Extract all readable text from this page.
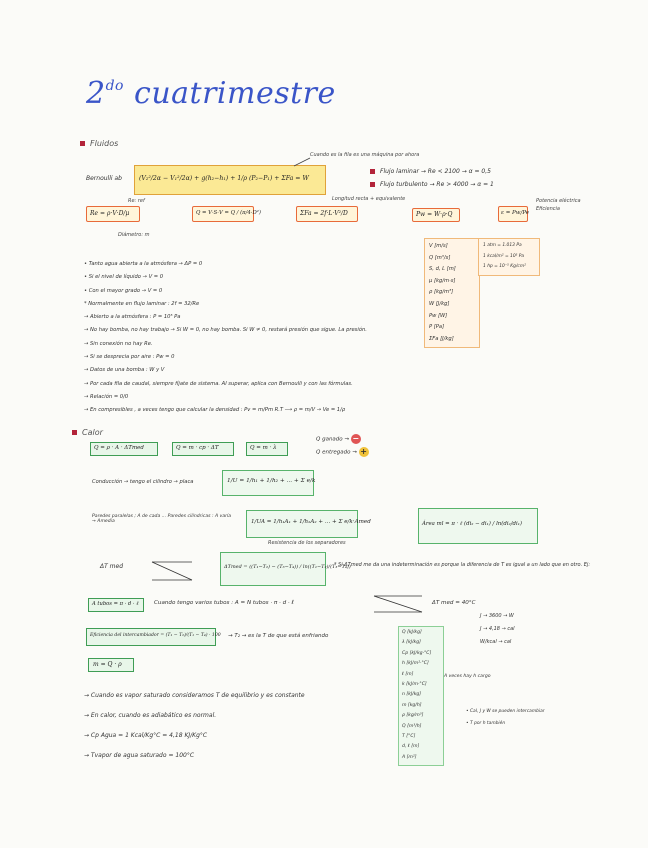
$2^{do}$ cuatrimestre
Fluidos
Bernoulli ab	(V₂²/2α − V₁²/2α) + g(h₂−h₁) + 1/ρ (P₂−P₁) + ΣFa = W
Cuando es la fila es una máquina por ahora
Flujo laminar → Re < 2100 → α = 0,5
Flujo turbulento → Re > 4000 → α = 1
Re = ρ·V·D/μ	Q = V·S·V = Q / (π/4·D²)	ΣFa = 2f·L·V²/D	Pw = W·ρ·Q	ε = Pw/Pe
Re: ref
Diámetro: m
Longitud recta + equivalente	Potencia eléctrica
Eficiencia
V [m/s]
Q [m³/s]
S, d, L [m]
μ [kg/m·s]
ρ [kg/m³]
W [J/kg]
Pw [W]
P [Pa]
ΣFa [J/kg]
1 atm = 1.013 Pa
1 kcal/m² = 10⁵ Pa
1 hp = 10⁻⁵ Kg/cm²
• Tanto agua abierta a la atmósfera → ΔP = 0
• Si el nivel de líquido → V = 0
• Con el mayor grado → V = 0
* Normalmente en flujo laminar : 2f = 32/Re
→ Abierto a la atmósfera : P = 10⁵ Pa
→ No hay bomba, no hay trabajo → Si W = 0, no hay bomba. Si W ≠ 0, restará presión que sigue. La presión.
→ Sin conexión no hay Re.
→ Si se desprecia por aire : Pw = 0
→ Datos de una bomba : W y V
→ Por cada fila de caudal, siempre fíjate de sistema. Al superar, aplica con Bernoulli y con las fórmulas.
→ Relación = 0/0
→ En compresibles , a veces tengo que calcular la densidad : Pv = m/Pm R.T ⟶ ρ = m/V → Ve = 1/ρ
Calor
Q = ρ · A · ΔTmed	Q = m · cp · ΔT	Q = m · λ
Q ganado → −
Q entregado → +
Conducción → tengo el cilindro → placa	1/U = 1/h₁ + 1/h₂ + ... + Σ e/k
Paredes paralelas ; A de cada ... Paredes cilíndricas : A varía → Amedia	1/UA = 1/h₁A₁ + 1/h₂A₂ + ... + Σ e/k·Amed
Resistencia de los separadores
Área ml = π · ℓ (di₂ − di₁) / ln(di₂/di₁)
ΔT med	ΔTmed = ((T₁−T₂) − (T₃−T₄)) / ln((T₁−T₂)/(T₃−T₄))
* Si ΔTmed me da una indeterminación es porque la diferencia de T es igual a un lado que en otro. Ej:
A tubos = π · d · ℓ	Cuando tengo varios tubos : A = N tubos · π · d · ℓ	ΔT med = 40°C
Eficiencia del intercambiador = (T₁ − T₂)/(T₁ − T₄) · 100 → T₂ → es la T de que está enfriando
m = Q · ρ
Q [kJ/kg]
λ [kJ/kg]
Cp [kJ/kg·°C]
h [kJ/m²·°C]
ℓ [m]
k [kJ/m·°C]
n [kJ/kg]
m [kg/h]
ρ [kg/m³]
Q [m³/h]
T [°C]
d, ℓ [m]
A [m²]
A veces hay h cargo
J → 3600 → W
J → 4,18 → cal
W/kcal → cal
• Cal, J y W se pueden intercambiar
• T por h también
→ Cuando es vapor saturado consideramos T de equilibrio y es constante
→ En calor, cuando es adiabático es normal.
→ Cp Agua = 1 Kcal/Kg°C = 4,18 KJ/Kg°C
→ Tvapor de agua saturado = 100°C
